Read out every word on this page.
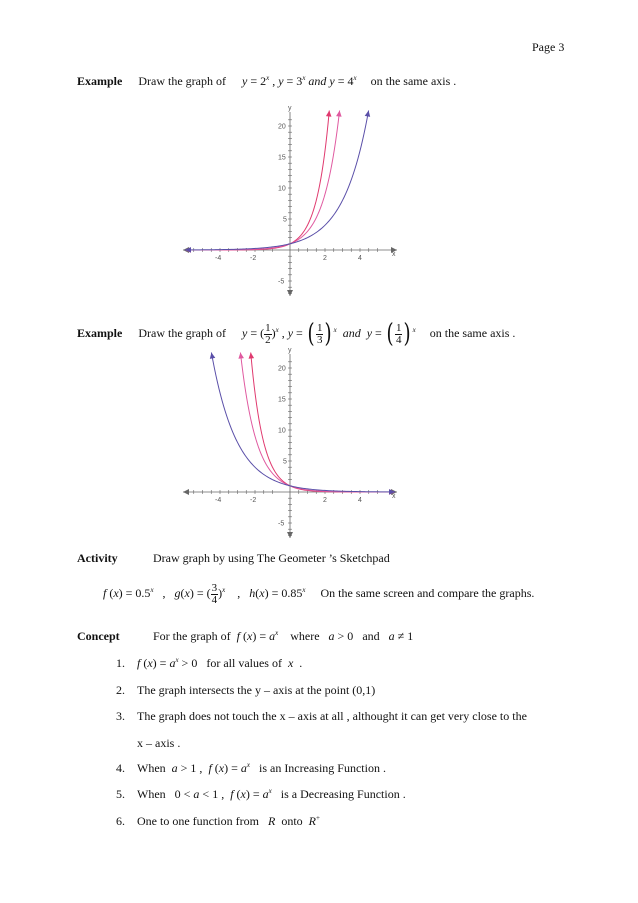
Page 3
Example Draw the graph of $y = 2^x$ , $y = 3^x$ and $y = 4^x$ on the same axis .
-4	-2	2	4
20
15
10
5
-5
x
y
Example Draw the graph of y = ( $\frac{1}{2} )^x$ , y = ( $\frac{1}{3}$ ) $^x$ and y = ( $\frac{1}{4}$ ) $^x$ on the same axis .
-4	-2	2	4
20
15
10
5
-5
x
y
Activity	Draw graph by using The Geometer ’s Sketchpad
f $(x) = 0.5^x$   ,   g(x) = ( $\frac{3}{4} )^x$    ,   $h(x) = 0.85^x$ On the same screen and compare the graphs.
Concept	For the graph of f $(x) = a^x$ where a > 0   and a ≠ 1
1. f $(x) = a^x > 0$   for all values of x  .
2. The graph intersects the y – axis at the point (0,1)
3. The graph does not touch the x – axis at all , althought it can get very close to the
x – axis .
4.    When  a > 1 ,  f $(x) = a^x$ is an Increasing Function .
5.    When   0 < a < 1 ,  f $(x) = a^x$ is a Decreasing Function .
6. One to one function from R  onto  R+
